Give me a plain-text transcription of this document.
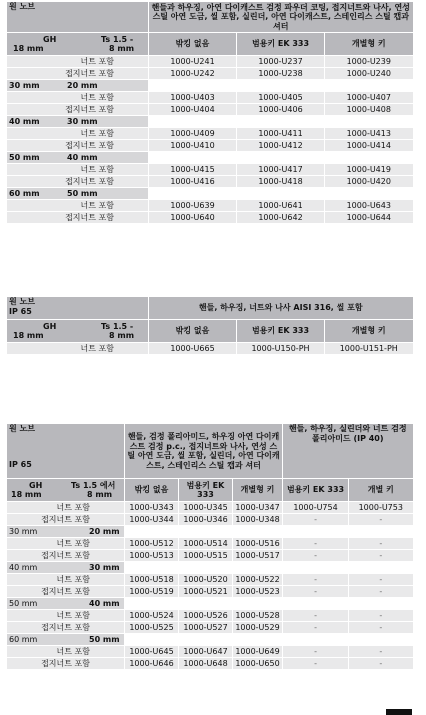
원 노브	핸들과 하우징, 아연 다이캐스트 검정 파우더 코팅, 접지너트와 나사, 연성 스틸 아연 도금, 씰 포함, 실린더, 아연 다이캐스트, 스테인리스 스틸 캡과 셔터		

GH Ts 1.5 -
18 mm 8 mm	밖킹 없음	범용키 EK 333	개별형 키
너트 포함	1000-U241	1000-U237	1000-U239
접지너트 포함	1000-U242	1000-U238	1000-U240
30 mm 20 mm			

너트 포함	1000-U403	1000-U405	1000-U407
접지너트 포함	1000-U404	1000-U406	1000-U408
40 mm 30 mm			

너트 포함	1000-U409	1000-U411	1000-U413
접지너트 포함	1000-U410	1000-U412	1000-U414
50 mm 40 mm			

너트 포함	1000-U415	1000-U417	1000-U419
접지너트 포함	1000-U416	1000-U418	1000-U420
60 mm 50 mm			

너트 포함	1000-U639	1000-U641	1000-U643
접지너트 포함	1000-U640	1000-U642	1000-U644
원 노브
IP 65	핸들, 하우징, 너트와 나사 AISI 316, 씰 포함		

GH Ts 1.5 -
18 mm 8 mm	밖킹 없음	범용키 EK 333	개별형 키
너트 포함	1000-U665	1000-U150-PH	1000-U151-PH
원 노브
IP 65	핸들, 검정 폴리아미드, 하우징 아연 다이캐스트 검정 p.c., 접지너트와 나사, 연성 스틸 아연 도금, 씰 포함, 실린더, 아연 다이캐스트, 스테인리스 스틸 캡과 셔터			핸들, 하우징, 실린더와 너트 검정 폴리아미드 (IP 40)	

GH Ts 1.5 에서
18 mm 8 mm	밖킹 없음	범용키 EK 333	개별형 키	범용키 EK 333	개별 키
너트 포함	1000-U343	1000-U345	1000-U347	1000-U754	1000-U753
접지너트 포함	1000-U344	1000-U346	1000-U348	-	-
30 mm 20 mm					

너트 포함	1000-U512	1000-U514	1000-U516	-	-
접지너트 포함	1000-U513	1000-U515	1000-U517	-	-
40 mm 30 mm					

너트 포함	1000-U518	1000-U520	1000-U522	-	-
접지너트 포함	1000-U519	1000-U521	1000-U523	-	-
50 mm 40 mm					

너트 포함	1000-U524	1000-U526	1000-U528	-	-
접지너트 포함	1000-U525	1000-U527	1000-U529	-	-
60 mm 50 mm					

너트 포함	1000-U645	1000-U647	1000-U649	-	-
접지너트 포함	1000-U646	1000-U648	1000-U650	-	-
